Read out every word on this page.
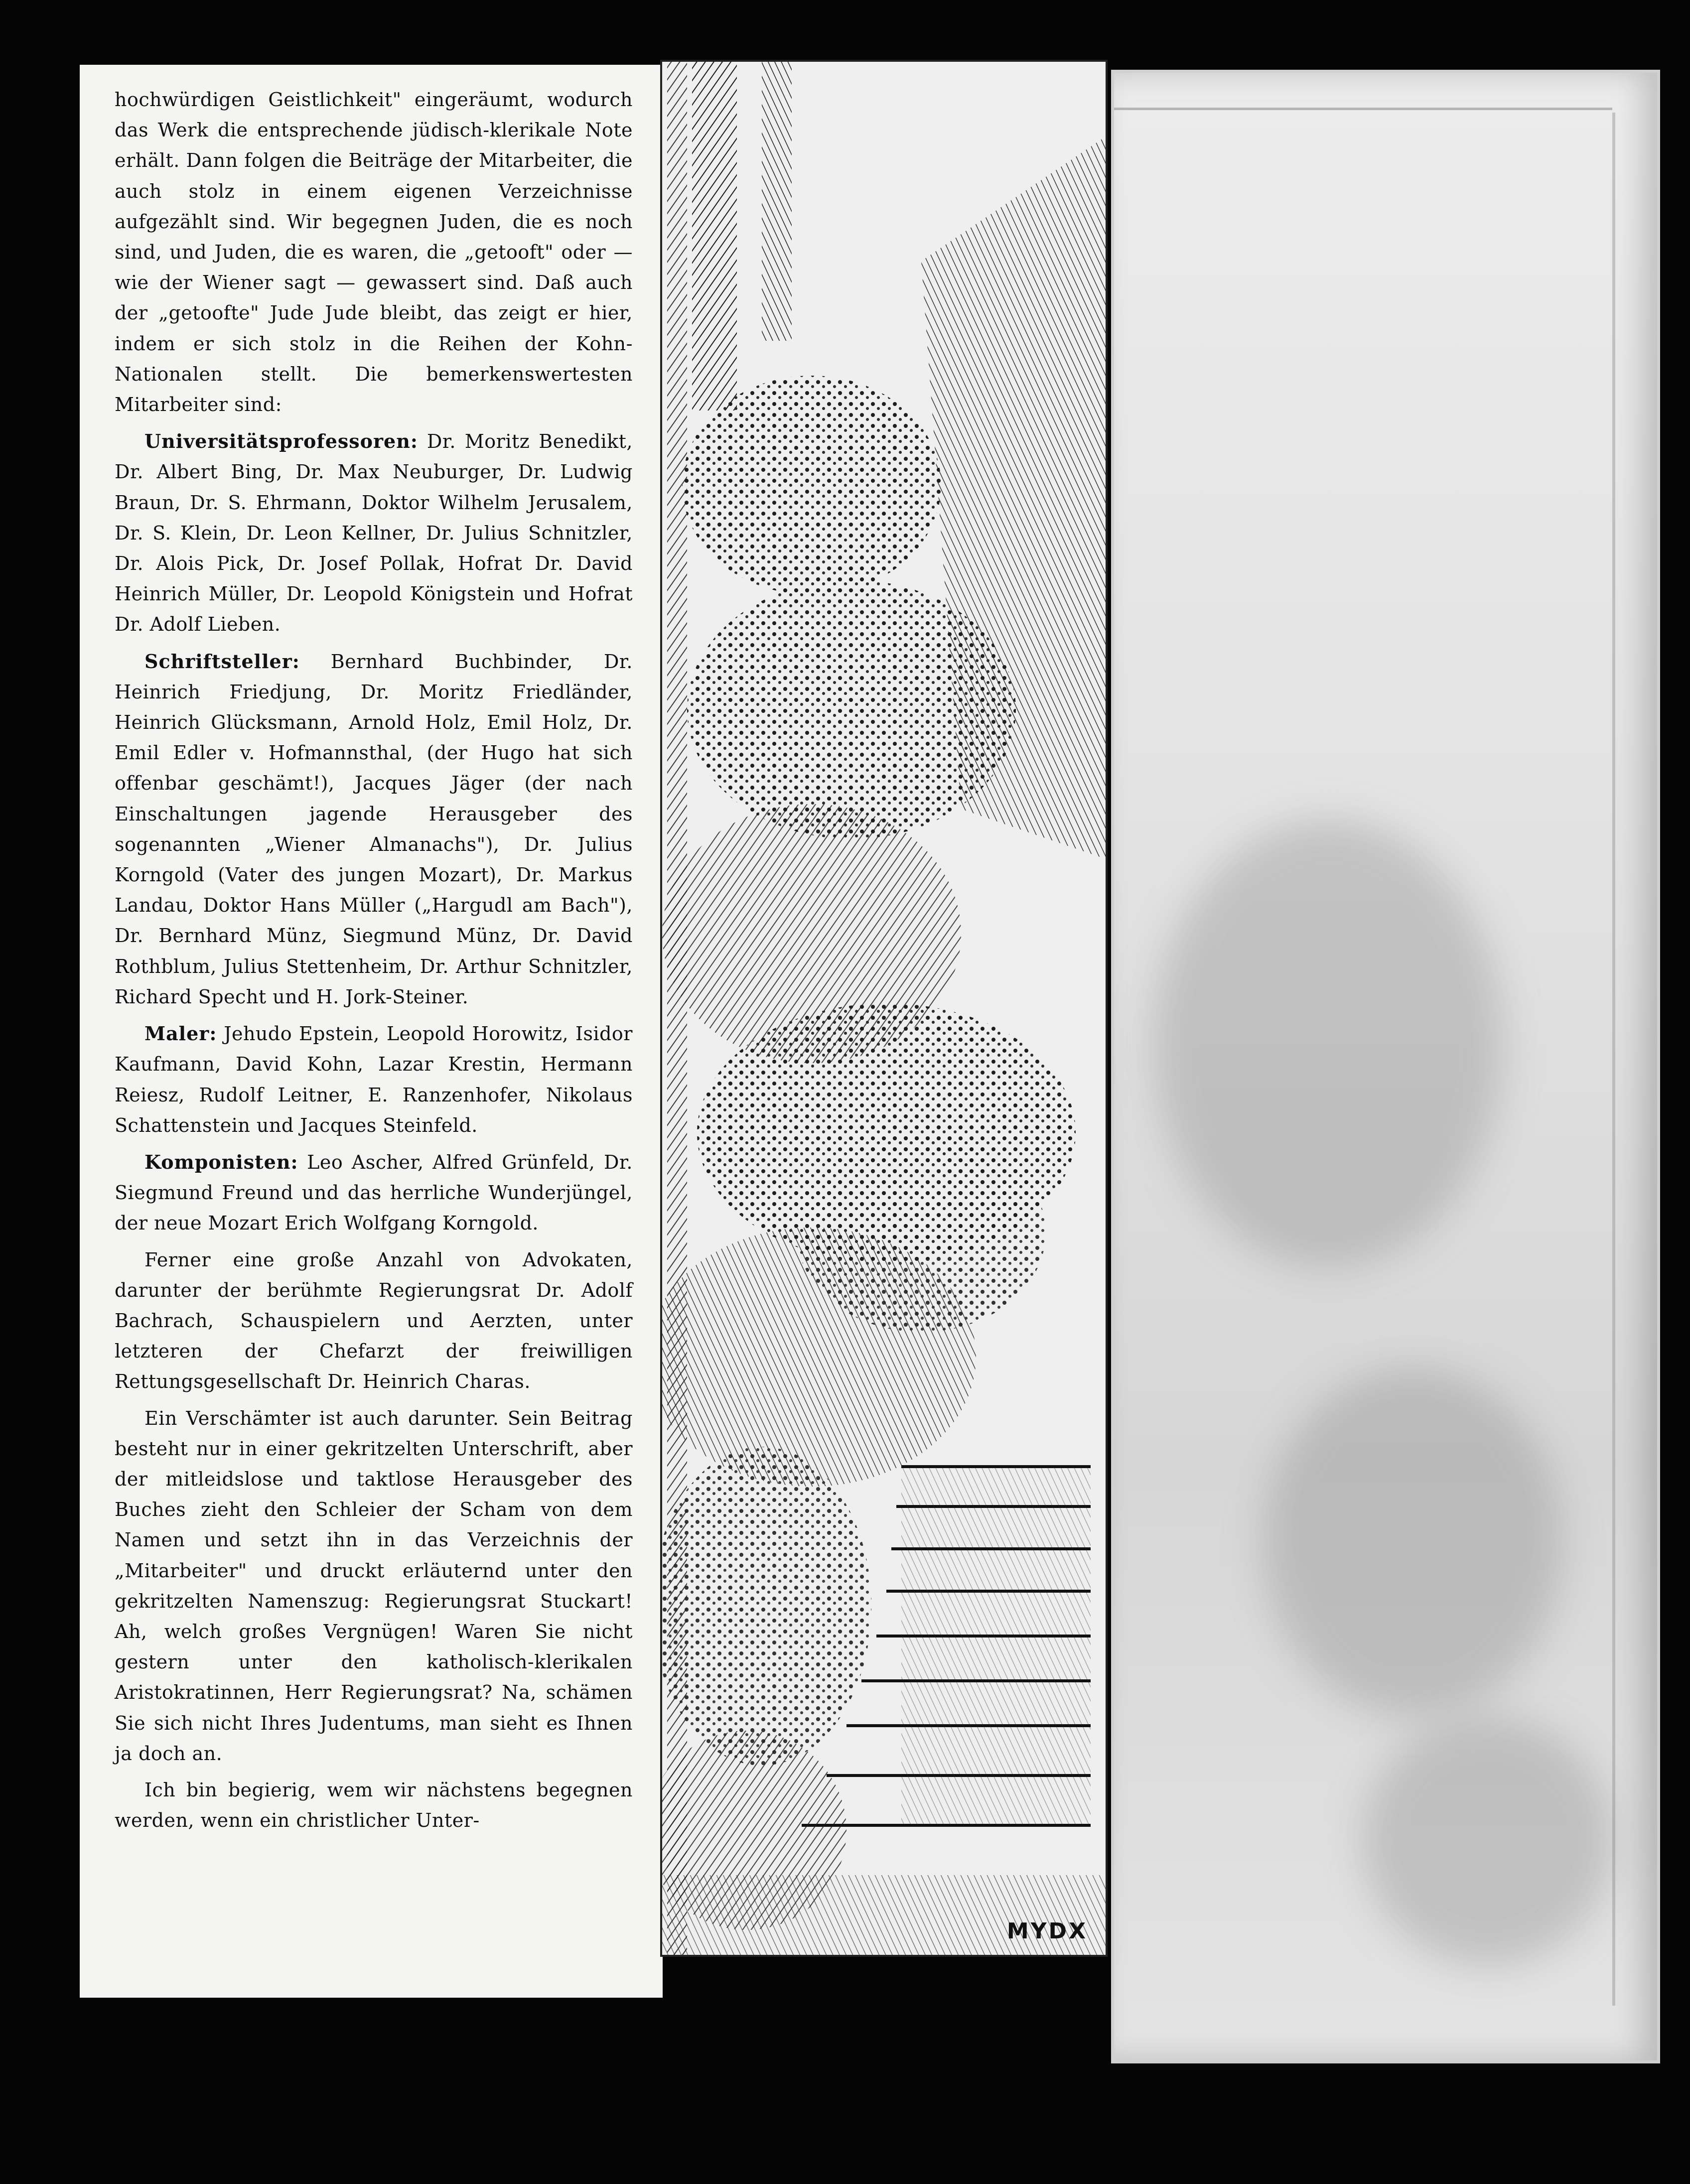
hochwürdigen Geistlichkeit" eingeräumt, wodurch das Werk die entsprechende jüdisch-klerikale Note erhält. Dann folgen die Beiträge der Mitarbeiter, die auch stolz in einem eigenen Verzeichnisse aufgezählt sind. Wir begegnen Juden, die es noch sind, und Juden, die es waren, die „getooft" oder — wie der Wiener sagt — gewassert sind. Daß auch der „getoofte" Jude Jude bleibt, das zeigt er hier, indem er sich stolz in die Reihen der Kohn-Nationalen stellt. Die bemerkenswertesten Mitarbeiter sind:

Universitätsprofessoren: Dr. Moritz Benedikt, Dr. Albert Bing, Dr. Max Neuburger, Dr. Ludwig Braun, Dr. S. Ehrmann, Doktor Wilhelm Jerusalem, Dr. S. Klein, Dr. Leon Kellner, Dr. Julius Schnitzler, Dr. Alois Pick, Dr. Josef Pollak, Hofrat Dr. David Heinrich Müller, Dr. Leopold Königstein und Hofrat Dr. Adolf Lieben.

Schriftsteller: Bernhard Buchbinder, Dr. Heinrich Friedjung, Dr. Moritz Friedländer, Heinrich Glücksmann, Arnold Holz, Emil Holz, Dr. Emil Edler v. Hofmannsthal, (der Hugo hat sich offenbar geschämt!), Jacques Jäger (der nach Einschaltungen jagende Herausgeber des sogenannten „Wiener Almanachs"), Dr. Julius Korngold (Vater des jungen Mozart), Dr. Markus Landau, Doktor Hans Müller („Hargudl am Bach"), Dr. Bernhard Münz, Siegmund Münz, Dr. David Rothblum, Julius Stettenheim, Dr. Arthur Schnitzler, Richard Specht und H. Jork-Steiner.

Maler: Jehudo Epstein, Leopold Horowitz, Isidor Kaufmann, David Kohn, Lazar Krestin, Hermann Reiesz, Rudolf Leitner, E. Ranzenhofer, Nikolaus Schattenstein und Jacques Steinfeld.

Komponisten: Leo Ascher, Alfred Grünfeld, Dr. Siegmund Freund und das herrliche Wunderjüngel, der neue Mozart Erich Wolfgang Korngold.

Ferner eine große Anzahl von Advokaten, darunter der berühmte Regierungsrat Dr. Adolf Bachrach, Schauspielern und Aerzten, unter letzteren der Chefarzt der freiwilligen Rettungsgesellschaft Dr. Heinrich Charas.

Ein Verschämter ist auch darunter. Sein Beitrag besteht nur in einer gekritzelten Unterschrift, aber der mitleidslose und taktlose Herausgeber des Buches zieht den Schleier der Scham von dem Namen und setzt ihn in das Verzeichnis der „Mitarbeiter" und druckt erläuternd unter den gekritzelten Namenszug: Regierungsrat Stuckart! Ah, welch großes Vergnügen! Waren Sie nicht gestern unter den katholisch-klerikalen Aristokratinnen, Herr Regierungsrat? Na, schämen Sie sich nicht Ihres Judentums, man sieht es Ihnen ja doch an.

Ich bin begierig, wem wir nächstens begegnen werden, wenn ein christlicher Unter-

MYDX
